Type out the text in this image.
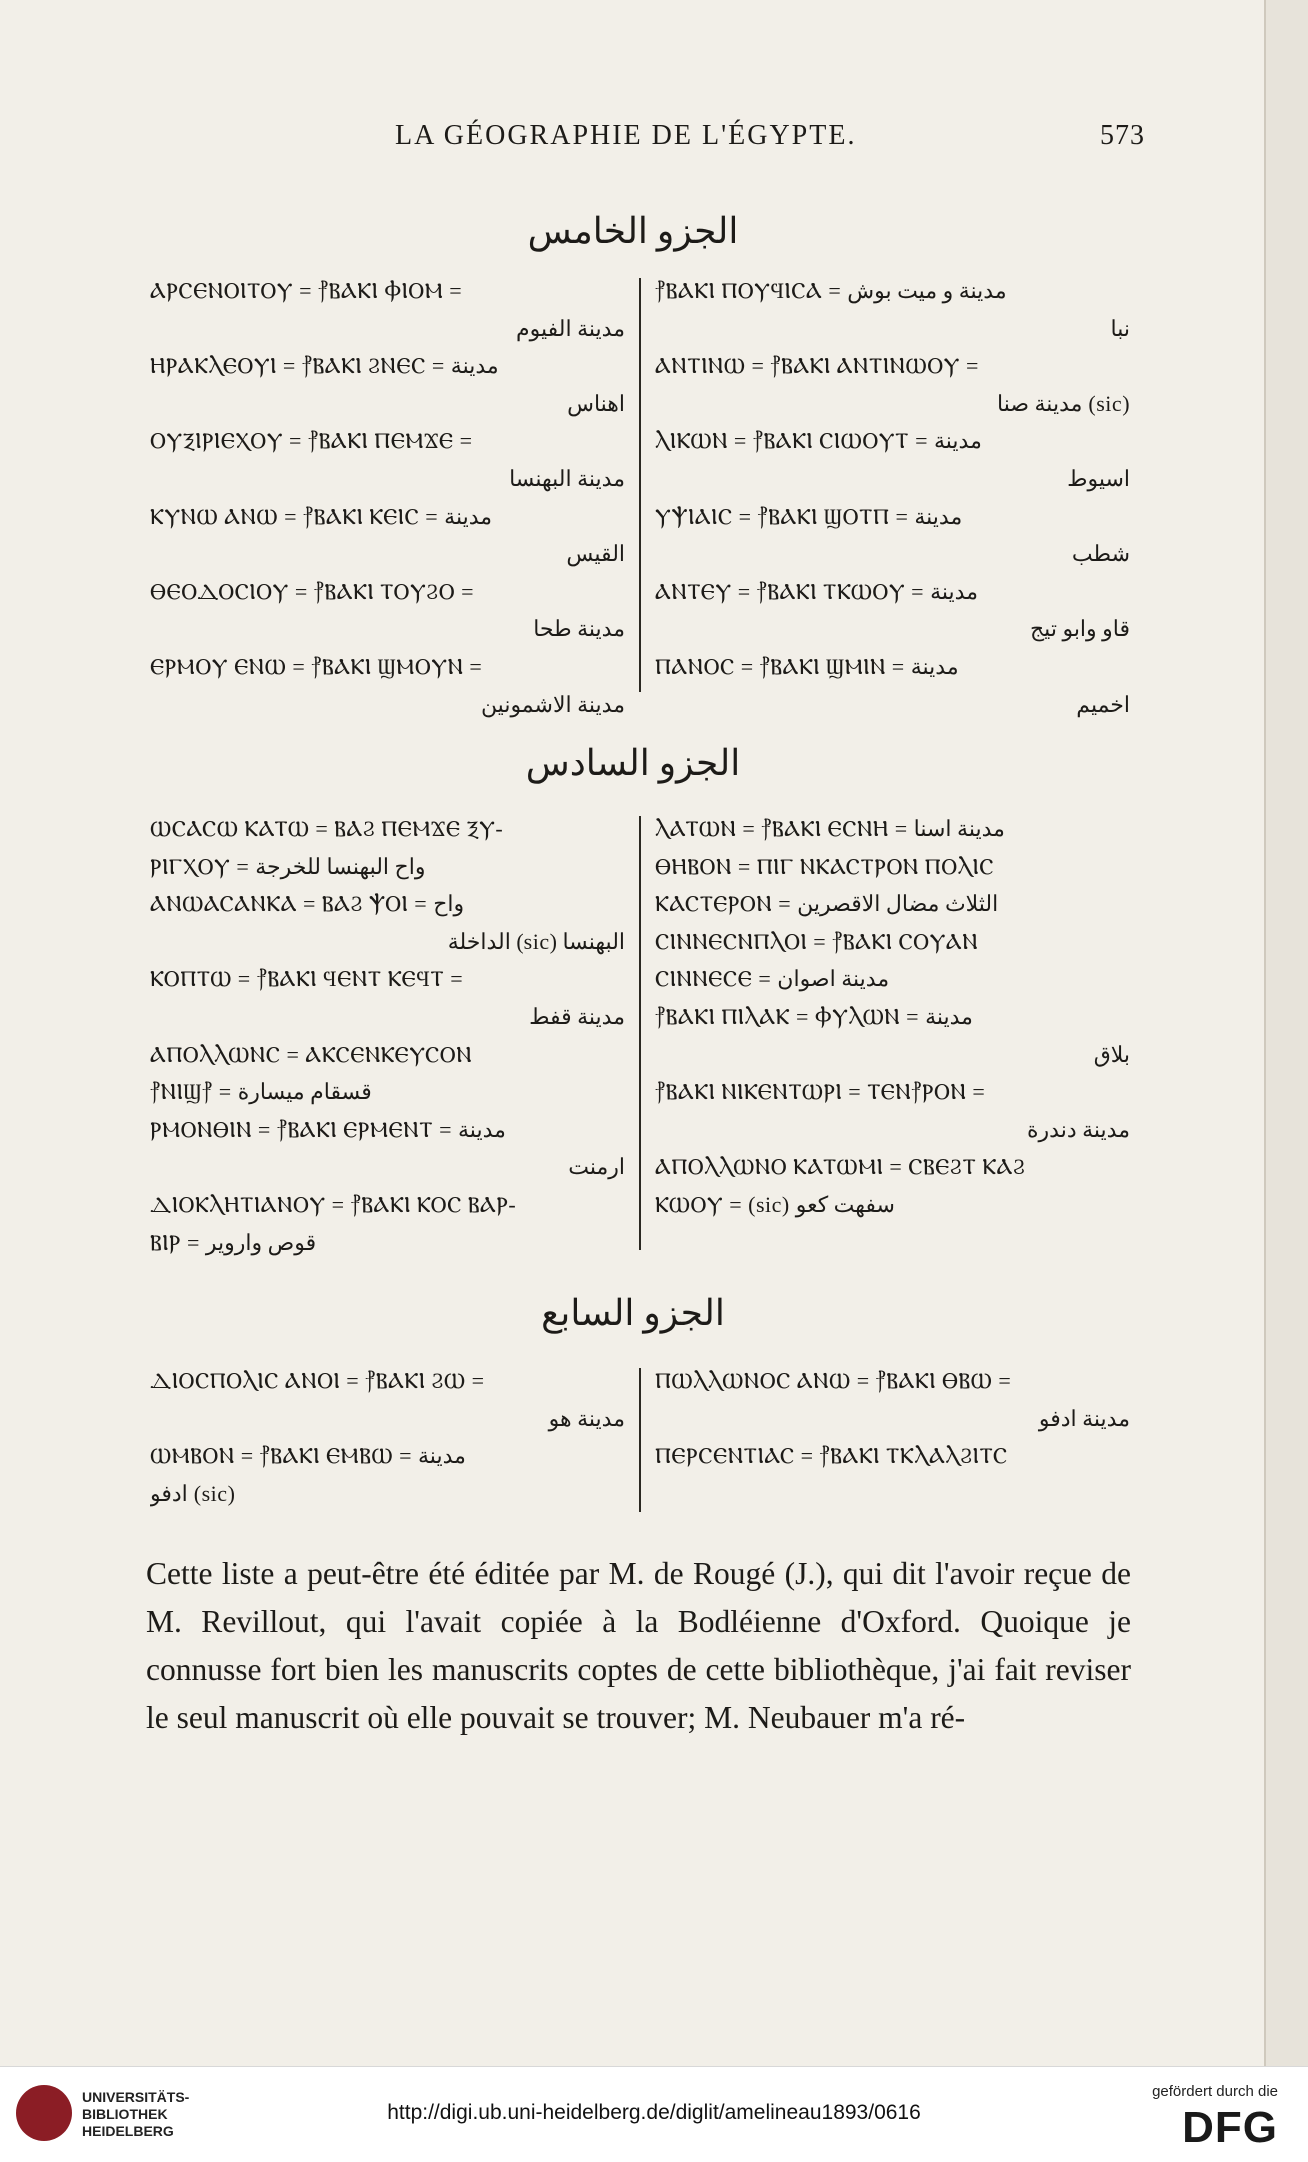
LA GÉOGRAPHIE DE L'ÉGYPTE.	573
الجزو الخامس
ⲀⲢⲤⲈⲚⲞⲒⲦⲞⲨ = ⳨ⲂⲀⲔⲒ ⲪⲒⲞⲘ =
مدينة الفيوم
ⲎⲢⲀⲔⲖⲈⲞⲨⲒ = ⳨ⲂⲀⲔⲒ ϨⲚⲈⲤ = مدينة
اهناس
ⲞⲨⲜⲒⲢⲒⲈⲬⲞⲨ = ⳨ⲂⲀⲔⲒ ⲠⲈⲘϪⲈ =
مدينة البهنسا
ⲔⲨⲚⲰ ⲀⲚⲰ = ⳨ⲂⲀⲔⲒ ⲔⲈⲒⲤ = مدينة
القيس
ⲐⲈⲞⲆⲞⲤⲒⲞⲨ = ⳨ⲂⲀⲔⲒ ⲦⲞⲨϨⲞ =
مدينة طحا
ⲈⲢⲘⲞⲨ ⲈⲚⲰ = ⳨ⲂⲀⲔⲒ ϢⲘⲞⲨⲚ =
مدينة الاشمونين
⳨ⲂⲀⲔⲒ ⲠⲞⲨϤⲒⲤⲀ = مدينة و ميت بوش
نبا
ⲀⲚⲦⲒⲚⲰ = ⳨ⲂⲀⲔⲒ ⲀⲚⲦⲒⲚⲰⲞⲨ =
(sic) مدينة صنا
ⲖⲒⲔⲰⲚ = ⳨ⲂⲀⲔⲒ ⲤⲒⲰⲞⲨⲦ = مدينة
اسيوط
ⲨⲮⲒⲀⲒⲤ = ⳨ⲂⲀⲔⲒ ϢⲞⲦⲠ = مدينة
شطب
ⲀⲚⲦⲈⲨ = ⳨ⲂⲀⲔⲒ ⲦⲔⲰⲞⲨ = مدينة
قاو وابو تيج
ⲠⲀⲚⲞⲤ = ⳨ⲂⲀⲔⲒ ϢⲘⲒⲚ = مدينة
اخميم
الجزو السادس
ⲰⲤⲀⲤⲰ ⲔⲀⲦⲰ = ⲂⲀϨ ⲠⲈⲘϪⲈ ⲜⲨ-
ⲢⲒⲄⲬⲞⲨ = واح البهنسا للخرجة
ⲀⲚⲰⲀⲤⲀⲚⲔⲀ = ⲂⲀϨ ⲮⲞⲒ = واح
البهنسا (sic) الداخلة
ⲔⲞⲠⲦⲰ = ⳨ⲂⲀⲔⲒ ϤⲈⲚⲦ ⲔⲈϤⲦ =
مدينة قفط
ⲀⲠⲞⲖⲖⲰⲚⲤ = ⲀⲔⲤⲈⲚⲔⲈⲨⲤⲞⲚ
⳨ⲚⲒϢ⳨ = قسقام ميسارة
ⲢⲘⲞⲚⲐⲒⲚ = ⳨ⲂⲀⲔⲒ ⲈⲢⲘⲈⲚⲦ = مدينة
ارمنت
ⲆⲒⲞⲔⲖⲎⲦⲒⲀⲚⲞⲨ = ⳨ⲂⲀⲔⲒ ⲔⲞⲤ ⲂⲀⲢ-
ⲂⲒⲢ = قوص واروير
ⲖⲀⲦⲰⲚ = ⳨ⲂⲀⲔⲒ ⲈⲤⲚⲎ = مدينة اسنا
ⲐⲎⲂⲞⲚ = ⲠⲒⲄ ⲚⲔⲀⲤⲦⲢⲞⲚ ⲠⲞⲖⲒⲤ
ⲔⲀⲤⲦⲈⲢⲞⲚ = الثلاث مضال الاقصرين
ⲤⲒⲚⲚⲈⲤⲚⲠⲖⲞⲒ = ⳨ⲂⲀⲔⲒ ⲤⲞⲨⲀⲚ
ⲤⲒⲚⲚⲈⲤⲈ = مدينة اصوان
⳨ⲂⲀⲔⲒ ⲠⲒⲖⲀⲔ = ⲪⲨⲖⲰⲚ = مدينة
بلاق
⳨ⲂⲀⲔⲒ ⲚⲒⲔⲈⲚⲦⲰⲢⲒ = ⲦⲈⲚ⳨ⲢⲞⲚ =
مدينة دندرة
ⲀⲠⲞⲖⲖⲰⲚⲞ ⲔⲀⲦⲰⲘⲒ = ⲤⲂⲈϨⲦ ⲔⲀϨ
ⲔⲰⲞⲨ = (sic) سفهت كعو
الجزو السابع
ⲆⲒⲞⲤⲠⲞⲖⲒⲤ ⲀⲚⲞⲒ = ⳨ⲂⲀⲔⲒ ϨⲰ =
مدينة هو
ⲰⲘⲂⲞⲚ = ⳨ⲂⲀⲔⲒ ⲈⲘⲂⲰ = مدينة
(sic) ادفو
ⲠⲰⲖⲖⲰⲚⲞⲤ ⲀⲚⲰ = ⳨ⲂⲀⲔⲒ ⲐⲂⲰ =
مدينة ادفو
ⲠⲈⲢⲤⲈⲚⲦⲒⲀⲤ = ⳨ⲂⲀⲔⲒ ⲦⲔⲖⲀⲖϨⲒⲦⲤ
Cette liste a peut-être été éditée par M. de Rougé (J.), qui dit l'avoir reçue de M. Revillout, qui l'avait copiée à la Bodléienne d'Oxford. Quoique je connusse fort bien les manuscrits coptes de cette bibliothèque, j'ai fait reviser le seul manuscrit où elle pouvait se trouver; M. Neubauer m'a ré-
UNIVERSITÄTS-
BIBLIOTHEK
HEIDELBERG
http://digi.ub.uni-heidelberg.de/diglit/amelineau1893/0616
gefördert durch die
DFG
